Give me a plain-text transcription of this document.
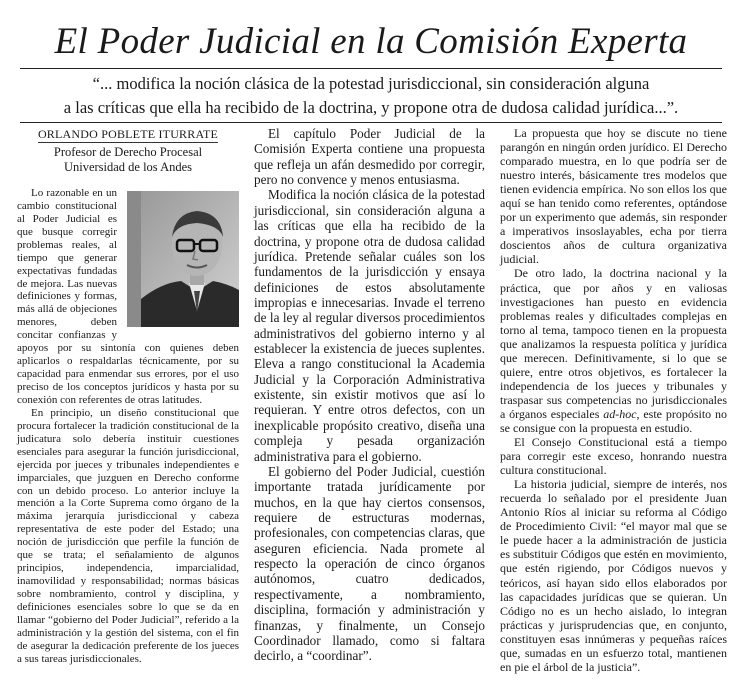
El Poder Judicial en la Comisión Experta
“... modifica la noción clásica de la potestad jurisdiccional, sin consideración alguna
a las críticas que ella ha recibido de la doctrina, y propone otra de dudosa calidad jurídica...”.
ORLANDO POBLETE ITURRATE
Profesor de Derecho Procesal
Universidad de los Andes

Lo razonable en un cambio constitucional al Poder Judicial es que busque corregir problemas reales, al tiempo que generar expectativas fundadas de mejora. Las nuevas definiciones y formas, más allá de objeciones menores, deben concitar confianzas y apoyos por su sintonía con quienes deben aplicarlos o respaldarlas técnicamente, por su capacidad para enmendar sus errores, por el uso preciso de los conceptos jurídicos y hasta por su conexión con referentes de otras latitudes.

En principio, un diseño constitucional que procura fortalecer la tradición constitucional de la judicatura solo debería instituir cuestiones esenciales para asegurar la función jurisdiccional, ejercida por jueces y tribunales independientes e imparciales, que juzguen en Derecho conforme con un debido proceso. Lo anterior incluye la mención a la Corte Suprema como órgano de la máxima jerarquía jurisdiccional y cabeza representativa de este poder del Estado; una noción de jurisdicción que perfile la función de que se trata; el señalamiento de algunos principios, independencia, imparcialidad, inamovilidad y responsabilidad; normas básicas sobre nombramiento, control y disciplina, y definiciones esenciales sobre lo que se da en llamar “gobierno del Poder Judicial”, referido a la administración y la gestión del sistema, con el fin de asegurar la dedicación preferente de los jueces a sus tareas jurisdiccionales.

El capítulo Poder Judicial de la Comisión Experta contiene una propuesta que refleja un afán desmedido por corregir, pero no convence y menos entusiasma.

Modifica la noción clásica de la potestad jurisdiccional, sin consideración alguna a las críticas que ella ha recibido de la doctrina, y propone otra de dudosa calidad jurídica. Pretende señalar cuáles son los fundamentos de la jurisdicción y ensaya definiciones de estos absolutamente impropias e innecesarias. Invade el terreno de la ley al regular diversos procedimientos administrativos del gobierno interno y al establecer la existencia de jueces suplentes. Eleva a rango constitucional la Academia Judicial y la Corporación Administrativa existente, sin existir motivos que así lo requieran. Y entre otros defectos, con un inexplicable propósito creativo, diseña una compleja y pesada organización administrativa para el gobierno.

El gobierno del Poder Judicial, cuestión importante tratada jurídicamente por muchos, en la que hay ciertos consensos, requiere de estructuras modernas, profesionales, con competencias claras, que aseguren eficiencia. Nada promete al respecto la operación de cinco órganos autónomos, cuatro dedicados, respectivamente, a nombramiento, disciplina, formación y administración y finanzas, y finalmente, un Consejo Coordinador llamado, como si faltara decirlo, a “coordinar”.

La propuesta que hoy se discute no tiene parangón en ningún orden jurídico. El Derecho comparado muestra, en lo que podría ser de nuestro interés, básicamente tres modelos que tienen evidencia empírica. No son ellos los que aquí se han tenido como referentes, optándose por un experimento que además, sin responder a imperativos insoslayables, echa por tierra doscientos años de cultura organizativa judicial.

De otro lado, la doctrina nacional y la práctica, que por años y en valiosas investigaciones han puesto en evidencia problemas reales y dificultades complejas en torno al tema, tampoco tienen en la propuesta que analizamos la respuesta política y jurídica que merecen. Definitivamente, si lo que se quiere, entre otros objetivos, es fortalecer la independencia de los jueces y tribunales y traspasar sus competencias no jurisdiccionales a órganos especiales ad-hoc, este propósito no se consigue con la propuesta en estudio.

El Consejo Constitucional está a tiempo para corregir este exceso, honrando nuestra cultura constitucional.

La historia judicial, siempre de interés, nos recuerda lo señalado por el presidente Juan Antonio Ríos al iniciar su reforma al Código de Procedimiento Civil: “el mayor mal que se le puede hacer a la administración de justicia es substituir Códigos que estén en movimiento, que estén rigiendo, por Códigos nuevos y teóricos, así hayan sido ellos elaborados por las capacidades jurídicas que se quieran. Un Código no es un hecho aislado, lo integran prácticas y jurisprudencias que, en conjunto, constituyen esas innúmeras y pequeñas raíces que, sumadas en un esfuerzo total, mantienen en pie el árbol de la justicia”.
